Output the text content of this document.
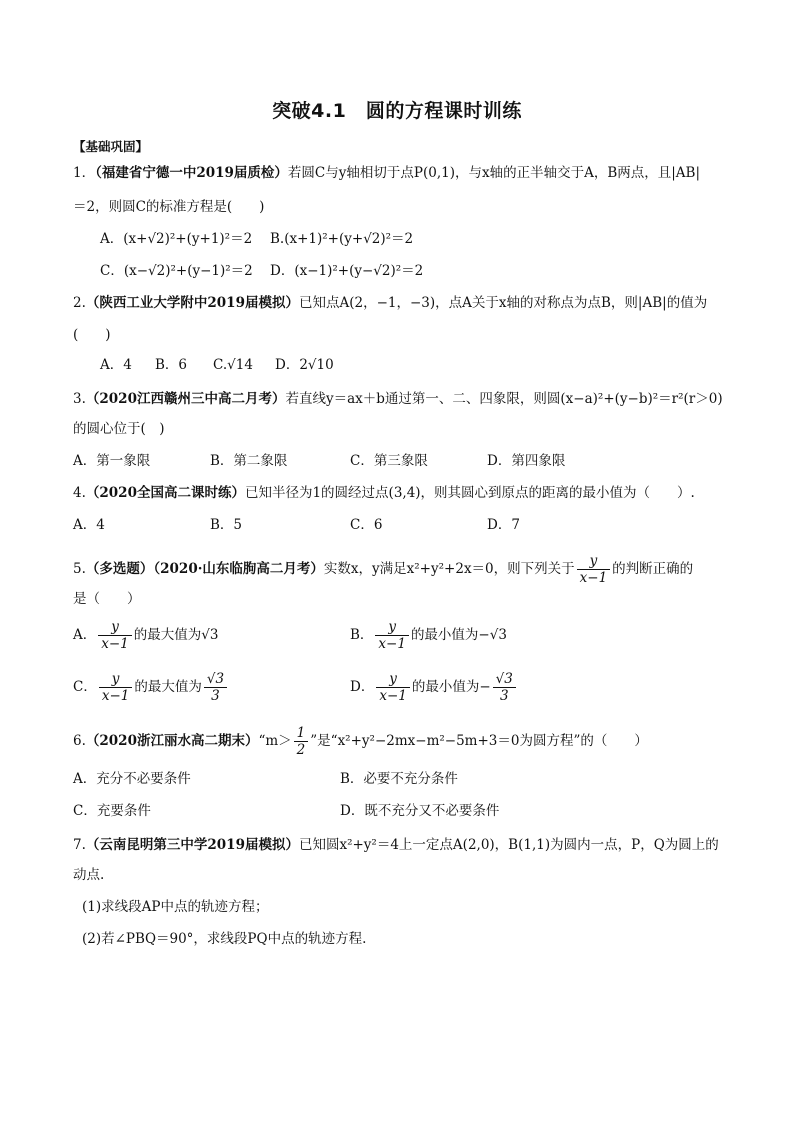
突破4.1　圆的方程课时训练
【基础巩固】
1．（福建省宁德一中2019届质检）若圆C与y轴相切于点P(0,1)，与x轴的正半轴交于A，B两点，且|AB|
＝2，则圆C的标准方程是(　　)
A．(x+√2)²+(y+1)²＝2 B.(x+1)²+(y+√2)²＝2
C．(x−√2)²+(y−1)²＝2 D．(x−1)²+(y−√2)²＝2
2.（陕西工业大学附中2019届模拟）已知点A(2，−1，−3)，点A关于x轴的对称点为点B，则|AB|的值为
(　　)
A．4 B．6 C.√14 D．2√10
3.（2020江西赣州三中高二月考）若直线y＝ax＋b通过第一、二、四象限，则圆(x−a)²+(y−b)²＝r²(r＞0)
的圆心位于(　)
A．第一象限	B．第二象限	C．第三象限	D．第四象限
4.（2020全国高二课时练）已知半径为1的圆经过点(3,4)，则其圆心到原点的距离的最小值为（　　）.
A．4	B．5	C．6	D．7
5.（多选题）（2020·山东临朐高二月考）实数x，y满足x²+y²+2x＝0，则下列关于 $\frac{y}{x-1}$ 的判断正确的
是（　　）
A． $\frac{y}{x-1}$ 的最大值为√3	B． $\frac{y}{x-1}$ 的最小值为−√3
C． $\frac{y}{x-1}$ 的最大值为 $\frac{√3}{3}$	D． $\frac{y}{x-1}$ 的最小值为− $\frac{√3}{3}$
6.（2020浙江丽水高二期末）“m＞ $\frac{1}{2}$ ”是“x²+y²−2mx−m²−5m+3＝0为圆方程”的（　　）
A．充分不必要条件	B．必要不充分条件
C．充要条件	D．既不充分又不必要条件
7.（云南昆明第三中学2019届模拟）已知圆x²+y²＝4上一定点A(2,0)，B(1,1)为圆内一点，P，Q为圆上的
动点.
(1)求线段AP中点的轨迹方程；
(2)若∠PBQ＝90°，求线段PQ中点的轨迹方程.
